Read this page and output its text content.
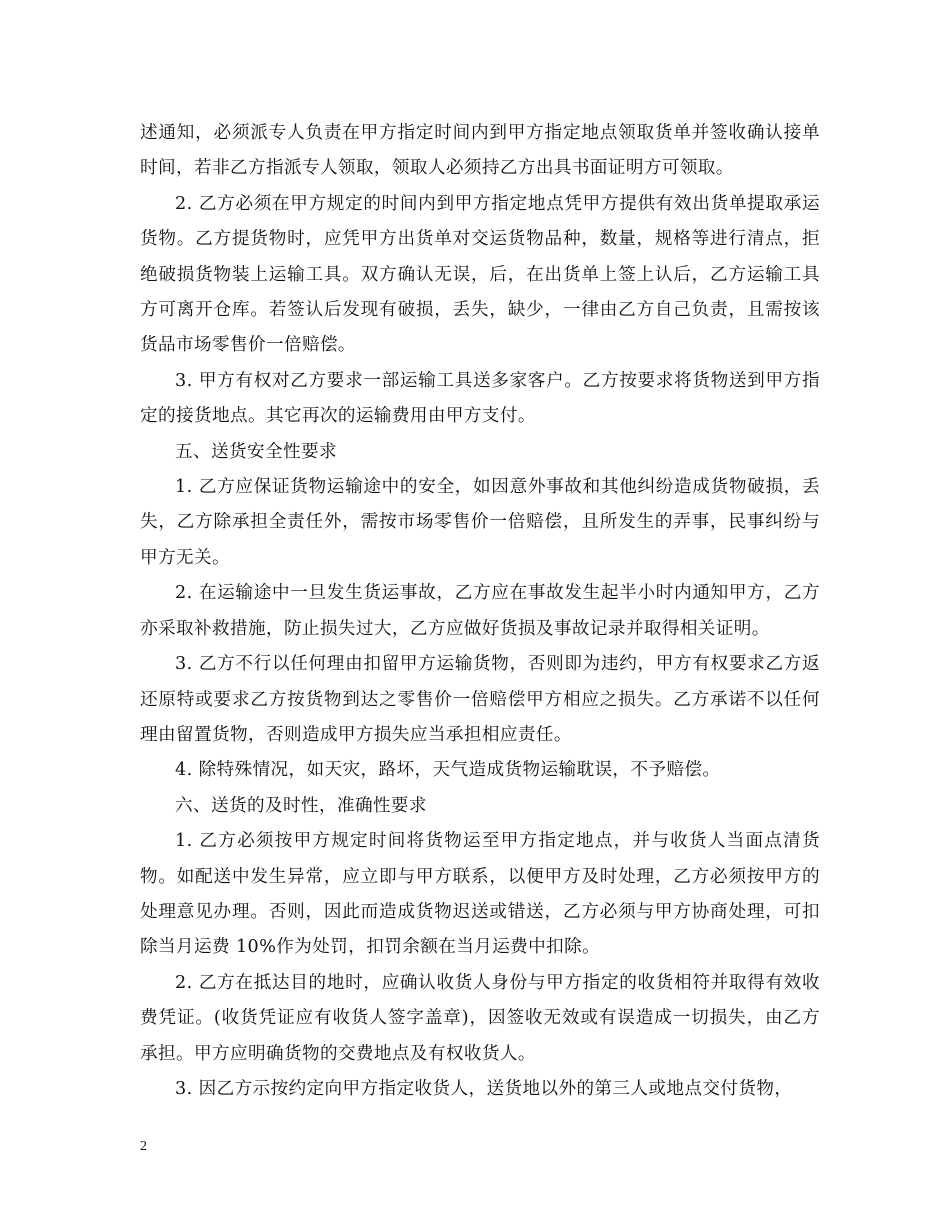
述通知，必须派专人负责在甲方指定时间内到甲方指定地点领取货单并签收确认接单时间，若非乙方指派专人领取，领取人必须持乙方出具书面证明方可领取。

2. 乙方必须在甲方规定的时间内到甲方指定地点凭甲方提供有效出货单提取承运货物。乙方提货物时，应凭甲方出货单对交运货物品种，数量，规格等进行清点，拒绝破损货物装上运输工具。双方确认无误，后，在出货单上签上认后，乙方运输工具方可离开仓库。若签认后发现有破损，丢失，缺少，一律由乙方自己负责，且需按该货品市场零售价一倍赔偿。

3. 甲方有权对乙方要求一部运输工具送多家客户。乙方按要求将货物送到甲方指定的接货地点。其它再次的运输费用由甲方支付。

五、送货安全性要求

1. 乙方应保证货物运输途中的安全，如因意外事故和其他纠纷造成货物破损，丢失，乙方除承担全责任外，需按市场零售价一倍赔偿，且所发生的弄事，民事纠纷与甲方无关。

2. 在运输途中一旦发生货运事故，乙方应在事故发生起半小时内通知甲方，乙方亦采取补救措施，防止损失过大，乙方应做好货损及事故记录并取得相关证明。

3. 乙方不行以任何理由扣留甲方运输货物，否则即为违约，甲方有权要求乙方返还原特或要求乙方按货物到达之零售价一倍赔偿甲方相应之损失。乙方承诺不以任何理由留置货物，否则造成甲方损失应当承担相应责任。

4. 除特殊情况，如天灾，路坏，天气造成货物运输耽误，不予赔偿。

六、送货的及时性，准确性要求

1. 乙方必须按甲方规定时间将货物运至甲方指定地点，并与收货人当面点清货物。如配送中发生异常，应立即与甲方联系，以便甲方及时处理，乙方必须按甲方的处理意见办理。否则，因此而造成货物迟送或错送，乙方必须与甲方协商处理，可扣除当月运费 10%作为处罚，扣罚余额在当月运费中扣除。

2. 乙方在抵达目的地时，应确认收货人身份与甲方指定的收货相符并取得有效收费凭证。(收货凭证应有收货人签字盖章)，因签收无效或有误造成一切损失，由乙方承担。甲方应明确货物的交费地点及有权收货人。

3. 因乙方示按约定向甲方指定收货人，送货地以外的第三人或地点交付货物，

2
